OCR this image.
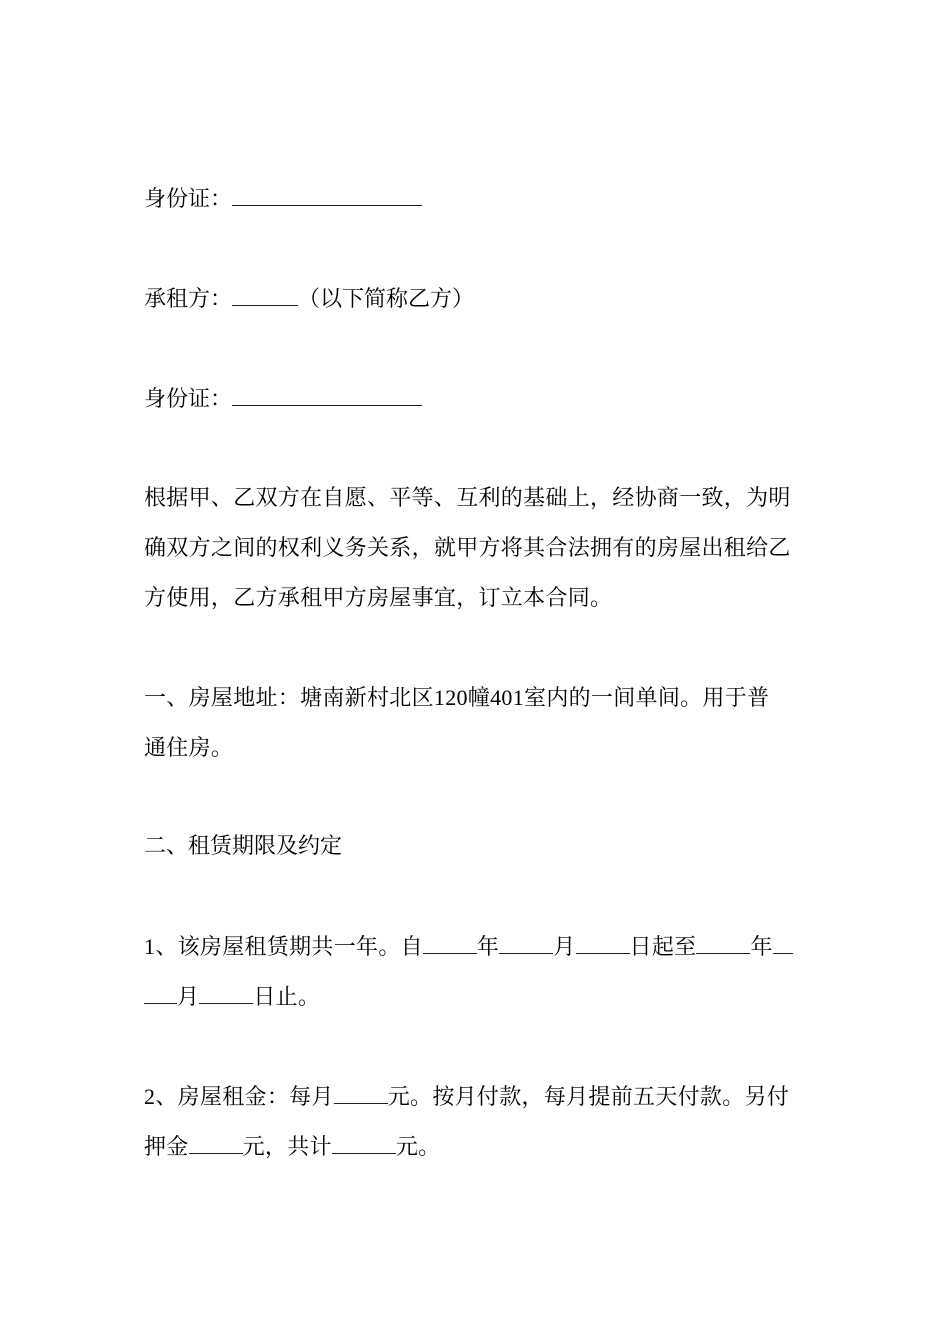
身份证：
承租方：	（以下简称乙方）
身份证：
根据甲、乙双方在自愿、平等、互利的基础上，经协商一致，为明
确双方之间的权利义务关系，就甲方将其合法拥有的房屋出租给乙
方使用，乙方承租甲方房屋事宜，订立本合同。
一、房屋地址：塘南新村北区120幢401室内的一间单间。用于普
通住房。
二、租赁期限及约定
1、该房屋租赁期共一年。自 年 月 日起至 年
月 日止。
2、房屋租金：每月 元。按月付款，每月提前五天付款。另付
押金 元，共计	元。
